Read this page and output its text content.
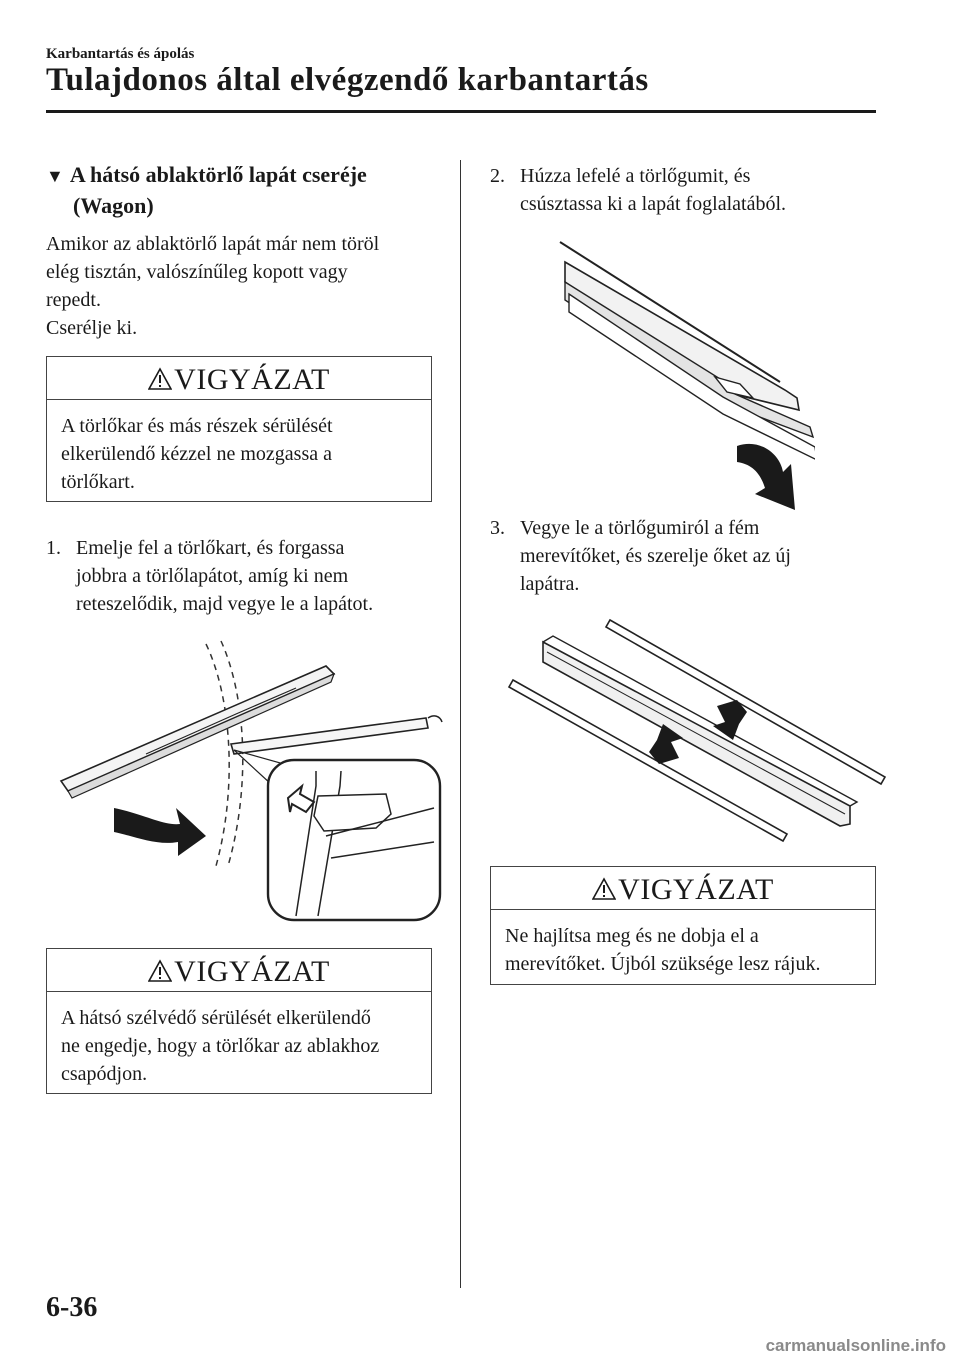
Karbantartás és ápolás
Tulajdonos által elvégzendő karbantartás
▼ A hátsó ablaktörlő lapát cseréje
(Wagon)

Amikor az ablaktörlő lapát már nem töröl

elég tisztán, valószínűleg kopott vagy

repedt.

Cserélje ki.

VIGYÁZAT
A törlőkar és más részek sérülését
elkerülendő kézzel ne mozgassa a
törlőkart.
1. Emelje fel a törlőkart, és forgassa
jobbra a törlőlapátot, amíg ki nem
reteszelődik, majd vegye le a lapátot.
VIGYÁZAT
A hátsó szélvédő sérülését elkerülendő
ne engedje, hogy a törlőkar az ablakhoz
csapódjon.
2. Húzza lefelé a törlőgumit, és
csúsztassa ki a lapát foglalatából.
3. Vegye le a törlőgumiról a fém
merevítőket, és szerelje őket az új
lapátra.
VIGYÁZAT
Ne hajlítsa meg és ne dobja el a
merevítőket. Újból szüksége lesz rájuk.
6-36
carmanualsonline.info
